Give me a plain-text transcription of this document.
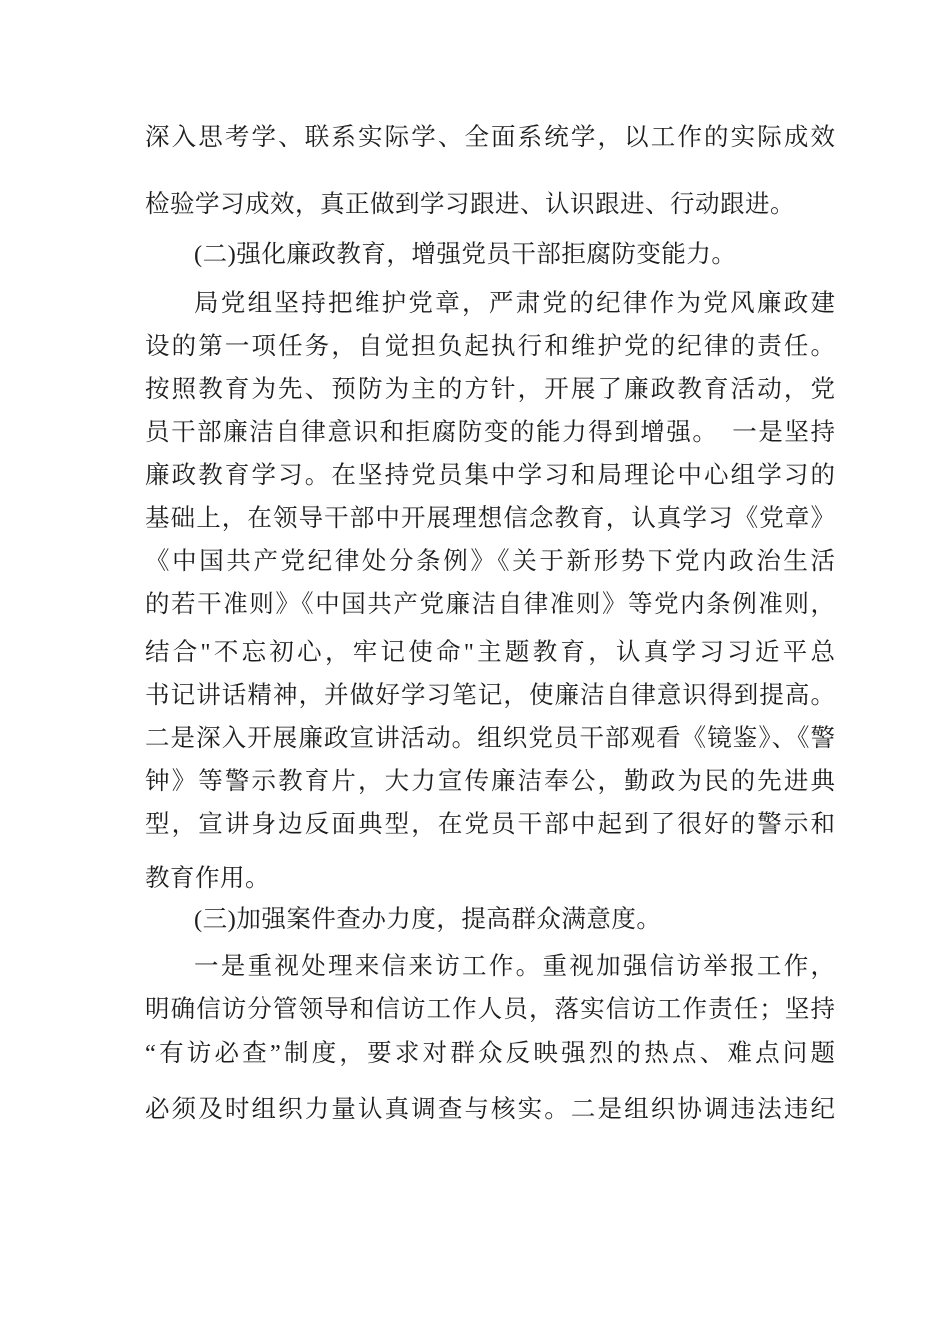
深入思考学、联系实际学、全面系统学，以工作的实际成效
检验学习成效，真正做到学习跟进、认识跟进、行动跟进。
(二)强化廉政教育，增强党员干部拒腐防变能力。
局党组坚持把维护党章，严肃党的纪律作为党风廉政建
设的第一项任务，自觉担负起执行和维护党的纪律的责任。
按照教育为先、预防为主的方针，开展了廉政教育活动，党
员干部廉洁自律意识和拒腐防变的能力得到增强。　一是坚持
廉政教育学习。在坚持党员集中学习和局理论中心组学习的
基础上，在领导干部中开展理想信念教育，认真学习《党章》
《中国共产党纪律处分条例》《关于新形势下党内政治生活
的若干准则》《中国共产党廉洁自律准则》等党内条例准则，
结合"不忘初心，牢记使命"主题教育，认真学习习近平总
书记讲话精神，并做好学习笔记，使廉洁自律意识得到提高。
二是深入开展廉政宣讲活动。组织党员干部观看《镜鉴》、《警
钟》等警示教育片，大力宣传廉洁奉公，勤政为民的先进典
型，宣讲身边反面典型，在党员干部中起到了很好的警示和
教育作用。
(三)加强案件查办力度，提高群众满意度。
一是重视处理来信来访工作。重视加强信访举报工作，
明确信访分管领导和信访工作人员，落实信访工作责任；坚持
“有访必查”制度，要求对群众反映强烈的热点、难点问题
必须及时组织力量认真调查与核实。二是组织协调违法违纪
